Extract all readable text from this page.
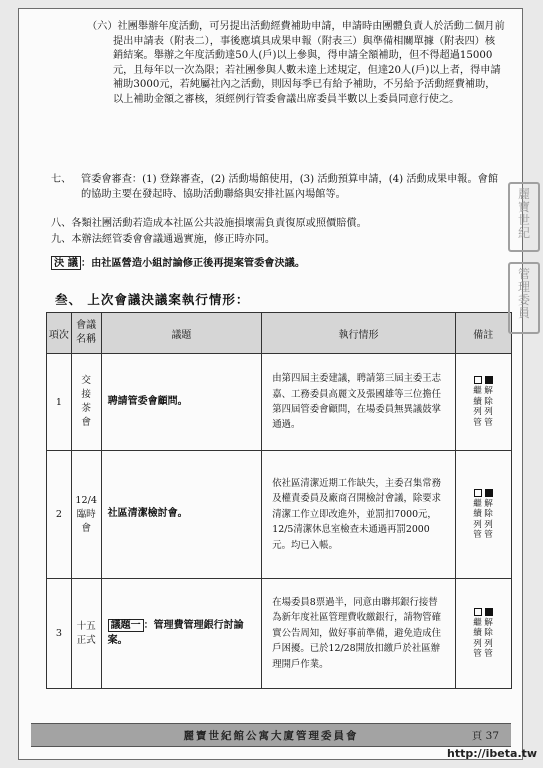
（六）社團舉辦年度活動，可另提出活動經費補助申請，申請時由團體負責人於活動二個月前提出申請表（附表二），事後應填具成果申報（附表三）與準備相關單據（附表四）核銷結案。舉辦之年度活動達50人(戶)以上參與，得申請全額補助，但不得超過15000元，且每年以一次為限；若社團參與人數未達上述規定，但達20人(戶)以上者，得申請補助3000元，若純屬社內之活動，則因每季已有給予補助，不另給予活動經費補助，以上補助金額之審核，須經例行管委會議出席委員半數以上委員同意行使之。
七、 管委會審查：(1) 登錄審查，(2) 活動場館使用，(3) 活動預算申請，(4) 活動成果申報。會館的協助主要在發起時、協助活動聯絡與安排社區內場館等。
八、各類社團活動若造成本社區公共設施損壞需負責復原或照價賠償。
九、本辦法經管委會會議通過實施，修正時亦同。
決 議 ：由社區營造小組討論修正後再提案管委會決議。
叁、 上次會議決議案執行情形：
項次	會議名稱	議題	執行情形	備註
1	交接茶會	聘請管委會顧問。	由第四屆主委建議，聘請第三屆主委王志嘉、工務委員高麗文及張國雄等三位擔任第四屆管委會顧問，在場委員無異議鼓掌通過。	繼續列管
解除列管

2	12/4臨時會	社區清潔檢討會。	依社區清潔近期工作缺失，主委召集常務及權責委員及廠商召開檢討會議，除要求清潔工作立即改進外，並罰扣7000元，12/5清潔休息室檢查未通過再罰2000元。均已入帳。	繼續列管
解除列管

3	十五正式	議題一 ：管理費管理銀行討論案。	在場委員8票過半，同意由聯邦銀行接替為新年度社區管理費收繳銀行，請物管確實公告周知，做好事前準備，避免造成住戶困擾。已於12/28開放扣繳戶於社區辦理開戶作業。	繼續列管
解除列管
麗寶世紀館公寓大廈管理委員會	頁 37
麗寶世紀
管理委員
http://ibeta.tw
